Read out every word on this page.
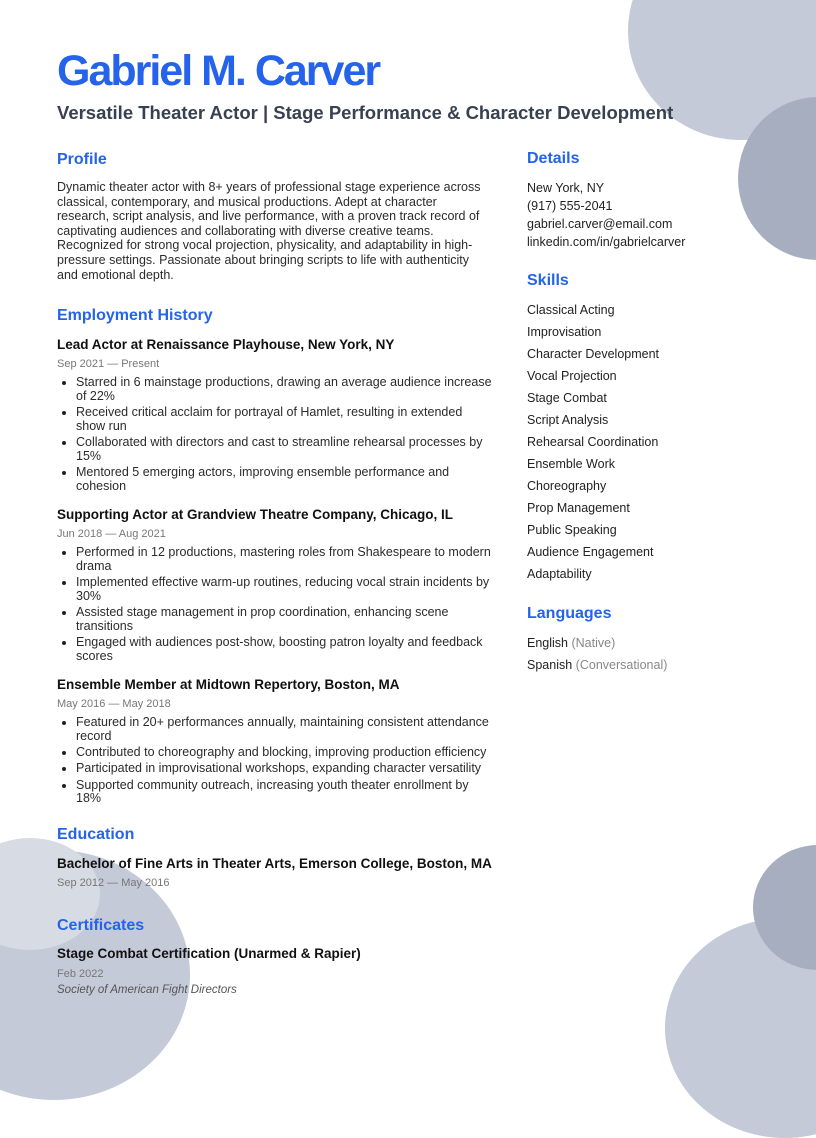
Gabriel M. Carver
Versatile Theater Actor | Stage Performance & Character Development
Profile

Dynamic theater actor with 8+ years of professional stage experience across classical, contemporary, and musical productions. Adept at character research, script analysis, and live performance, with a proven track record of captivating audiences and collaborating with diverse creative teams. Recognized for strong vocal projection, physicality, and adaptability in high-pressure settings. Passionate about bringing scripts to life with authenticity and emotional depth.

Employment History

Lead Actor at Renaissance Playhouse, New York, NY

Sep 2021 — Present

• Starred in 6 mainstage productions, drawing an average audience increase of 22%
• Received critical acclaim for portrayal of Hamlet, resulting in extended show run
• Collaborated with directors and cast to streamline rehearsal processes by 15%
• Mentored 5 emerging actors, improving ensemble performance and cohesion

Supporting Actor at Grandview Theatre Company, Chicago, IL

Jun 2018 — Aug 2021

• Performed in 12 productions, mastering roles from Shakespeare to modern drama
• Implemented effective warm-up routines, reducing vocal strain incidents by 30%
• Assisted stage management in prop coordination, enhancing scene transitions
• Engaged with audiences post-show, boosting patron loyalty and feedback scores

Ensemble Member at Midtown Repertory, Boston, MA

May 2016 — May 2018

• Featured in 20+ performances annually, maintaining consistent attendance record
• Contributed to choreography and blocking, improving production efficiency
• Participated in improvisational workshops, expanding character versatility
• Supported community outreach, increasing youth theater enrollment by 18%
Education

Bachelor of Fine Arts in Theater Arts, Emerson College, Boston, MA

Sep 2012 — May 2016

Certificates

Stage Combat Certification (Unarmed & Rapier)

Feb 2022

Society of American Fight Directors

Details

New York, NY

(917) 555-2041

gabriel.carver@email.com

linkedin.com/in/gabrielcarver

Skills

Classical Acting

Improvisation

Character Development

Vocal Projection

Stage Combat

Script Analysis

Rehearsal Coordination

Ensemble Work

Choreography

Prop Management

Public Speaking

Audience Engagement

Adaptability

Languages

English (Native)

Spanish (Conversational)
